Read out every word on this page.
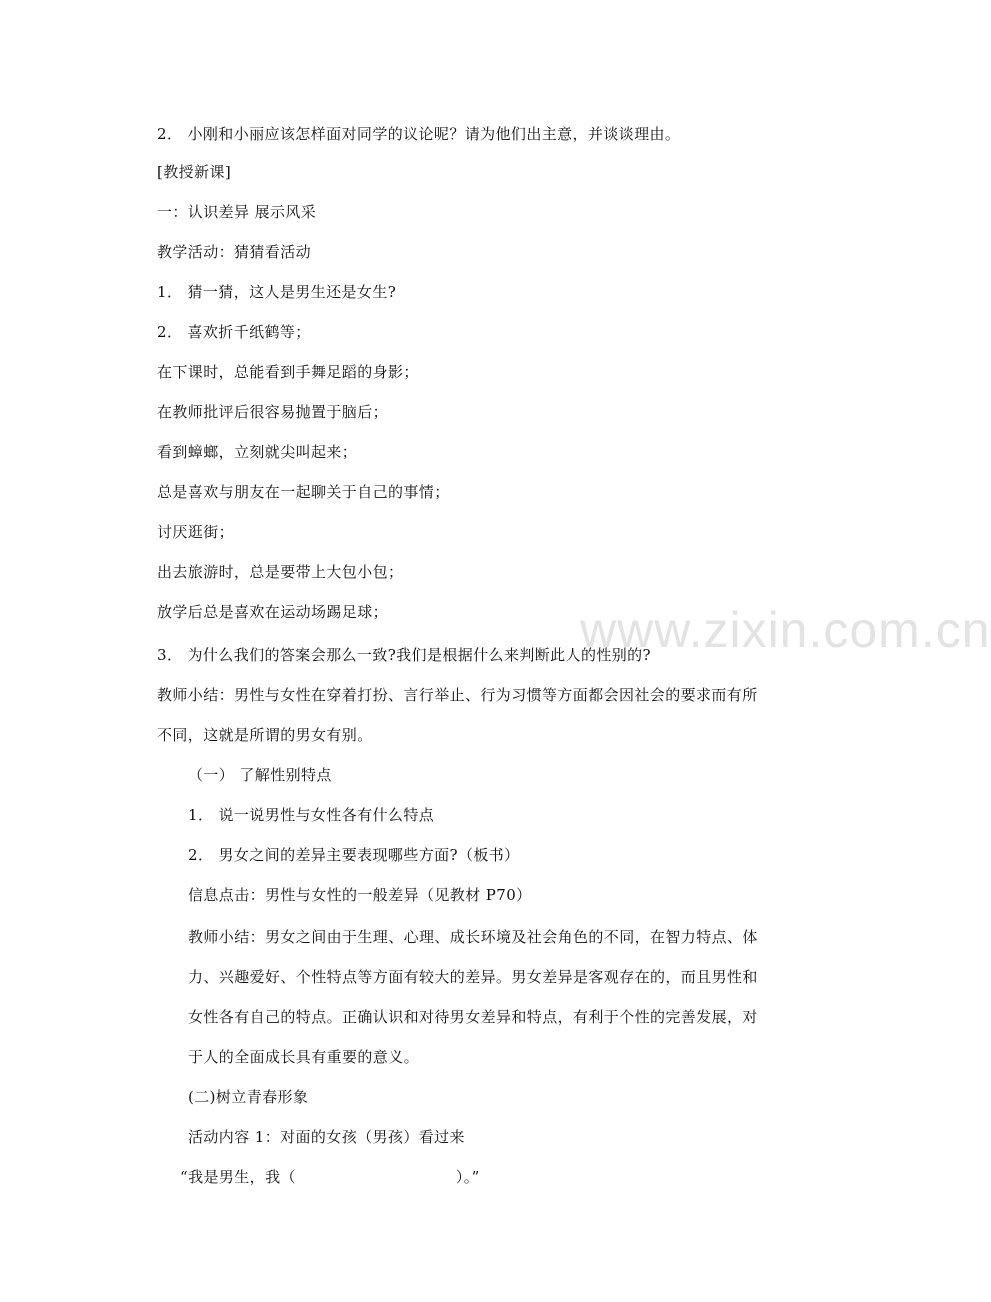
www.zixin.com.cn
2． 小刚和小丽应该怎样面对同学的议论呢？请为他们出主意，并谈谈理由。
[教授新课]
一：认识差异 展示风采
教学活动：猜猜看活动
1． 猜一猜，这人是男生还是女生?
2． 喜欢折千纸鹤等；
在下课时，总能看到手舞足蹈的身影；
在教师批评后很容易抛置于脑后；
看到蟑螂，立刻就尖叫起来；
总是喜欢与朋友在一起聊关于自己的事情；
讨厌逛街；
出去旅游时，总是要带上大包小包；
放学后总是喜欢在运动场踢足球；
3． 为什么我们的答案会那么一致?我们是根据什么来判断此人的性别的?
教师小结：男性与女性在穿着打扮、言行举止、行为习惯等方面都会因社会的要求而有所
不同，这就是所谓的男女有别。
（一） 了解性别特点
1． 说一说男性与女性各有什么特点
2． 男女之间的差异主要表现哪些方面?（板书）
信息点击：男性与女性的一般差异（见教材 P70）
教师小结：男女之间由于生理、心理、成长环境及社会角色的不同，在智力特点、体
力、兴趣爱好、个性特点等方面有较大的差异。男女差异是客观存在的，而且男性和
女性各有自己的特点。正确认识和对待男女差异和特点，有利于个性的完善发展，对
于人的全面成长具有重要的意义。
(二)树立青春形象
活动内容 1：对面的女孩（男孩）看过来
“我是男生，我（	）。”
